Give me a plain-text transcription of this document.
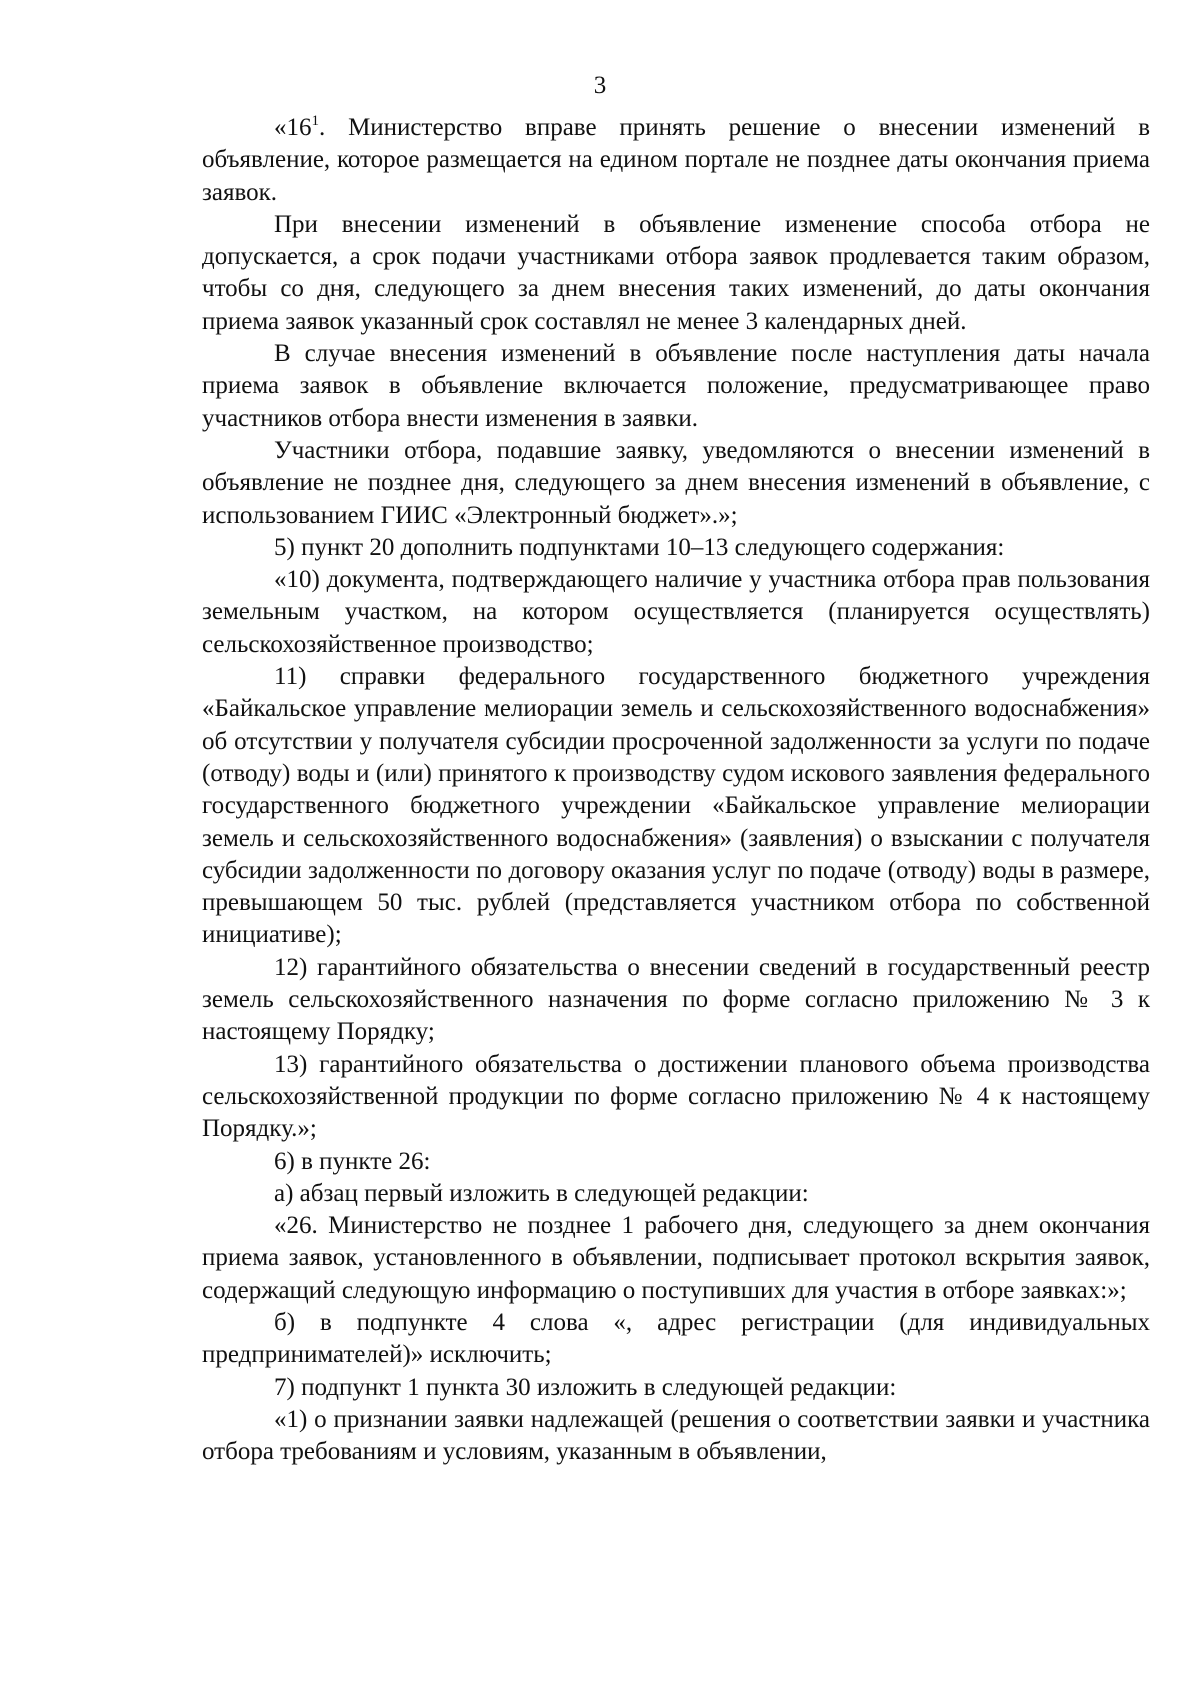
3

«$16^1$. Министерство вправе принять решение о внесении изменений в объявление, которое размещается на едином портале не позднее даты окончания приема заявок.

При внесении изменений в объявление изменение способа отбора не допускается, а срок подачи участниками отбора заявок продлевается таким образом, чтобы со дня, следующего за днем внесения таких изменений, до даты окончания приема заявок указанный срок составлял не менее 3 календарных дней.

В случае внесения изменений в объявление после наступления даты начала приема заявок в объявление включается положение, предусматривающее право участников отбора внести изменения в заявки.

Участники отбора, подавшие заявку, уведомляются о внесении изменений в объявление не позднее дня, следующего за днем внесения изменений в объявление, с использованием ГИИС «Электронный бюджет».»;

5) пункт 20 дополнить подпунктами 10–13 следующего содержания:

«10) документа, подтверждающего наличие у участника отбора прав пользования земельным участком, на котором осуществляется (планируется осуществлять) сельскохозяйственное производство;

11) справки федерального государственного бюджетного учреждения «Байкальское управление мелиорации земель и сельскохозяйственного водоснабжения» об отсутствии у получателя субсидии просроченной задолженности за услуги по подаче (отводу) воды и (или) принятого к производству судом искового заявления федерального государственного бюджетного учреждении «Байкальское управление мелиорации земель и сельскохозяйственного водоснабжения» (заявления) о взыскании с получателя субсидии задолженности по договору оказания услуг по подаче (отводу) воды в размере, превышающем 50 тыс. рублей (представляется участником отбора по собственной инициативе);

12) гарантийного обязательства о внесении сведений в государственный реестр земель сельскохозяйственного назначения по форме согласно приложению № 3 к настоящему Порядку;

13) гарантийного обязательства о достижении планового объема производства сельскохозяйственной продукции по форме согласно приложению № 4 к настоящему Порядку.»;

6) в пункте 26:

а) абзац первый изложить в следующей редакции:

«26. Министерство не позднее 1 рабочего дня, следующего за днем окончания приема заявок, установленного в объявлении, подписывает протокол вскрытия заявок, содержащий следующую информацию о поступивших для участия в отборе заявках:»;

б) в подпункте 4 слова «, адрес регистрации (для индивидуальных предпринимателей)» исключить;

7) подпункт 1 пункта 30 изложить в следующей редакции:

«1) о признании заявки надлежащей (решения о соответствии заявки и участника отбора требованиям и условиям, указанным в объявлении,
